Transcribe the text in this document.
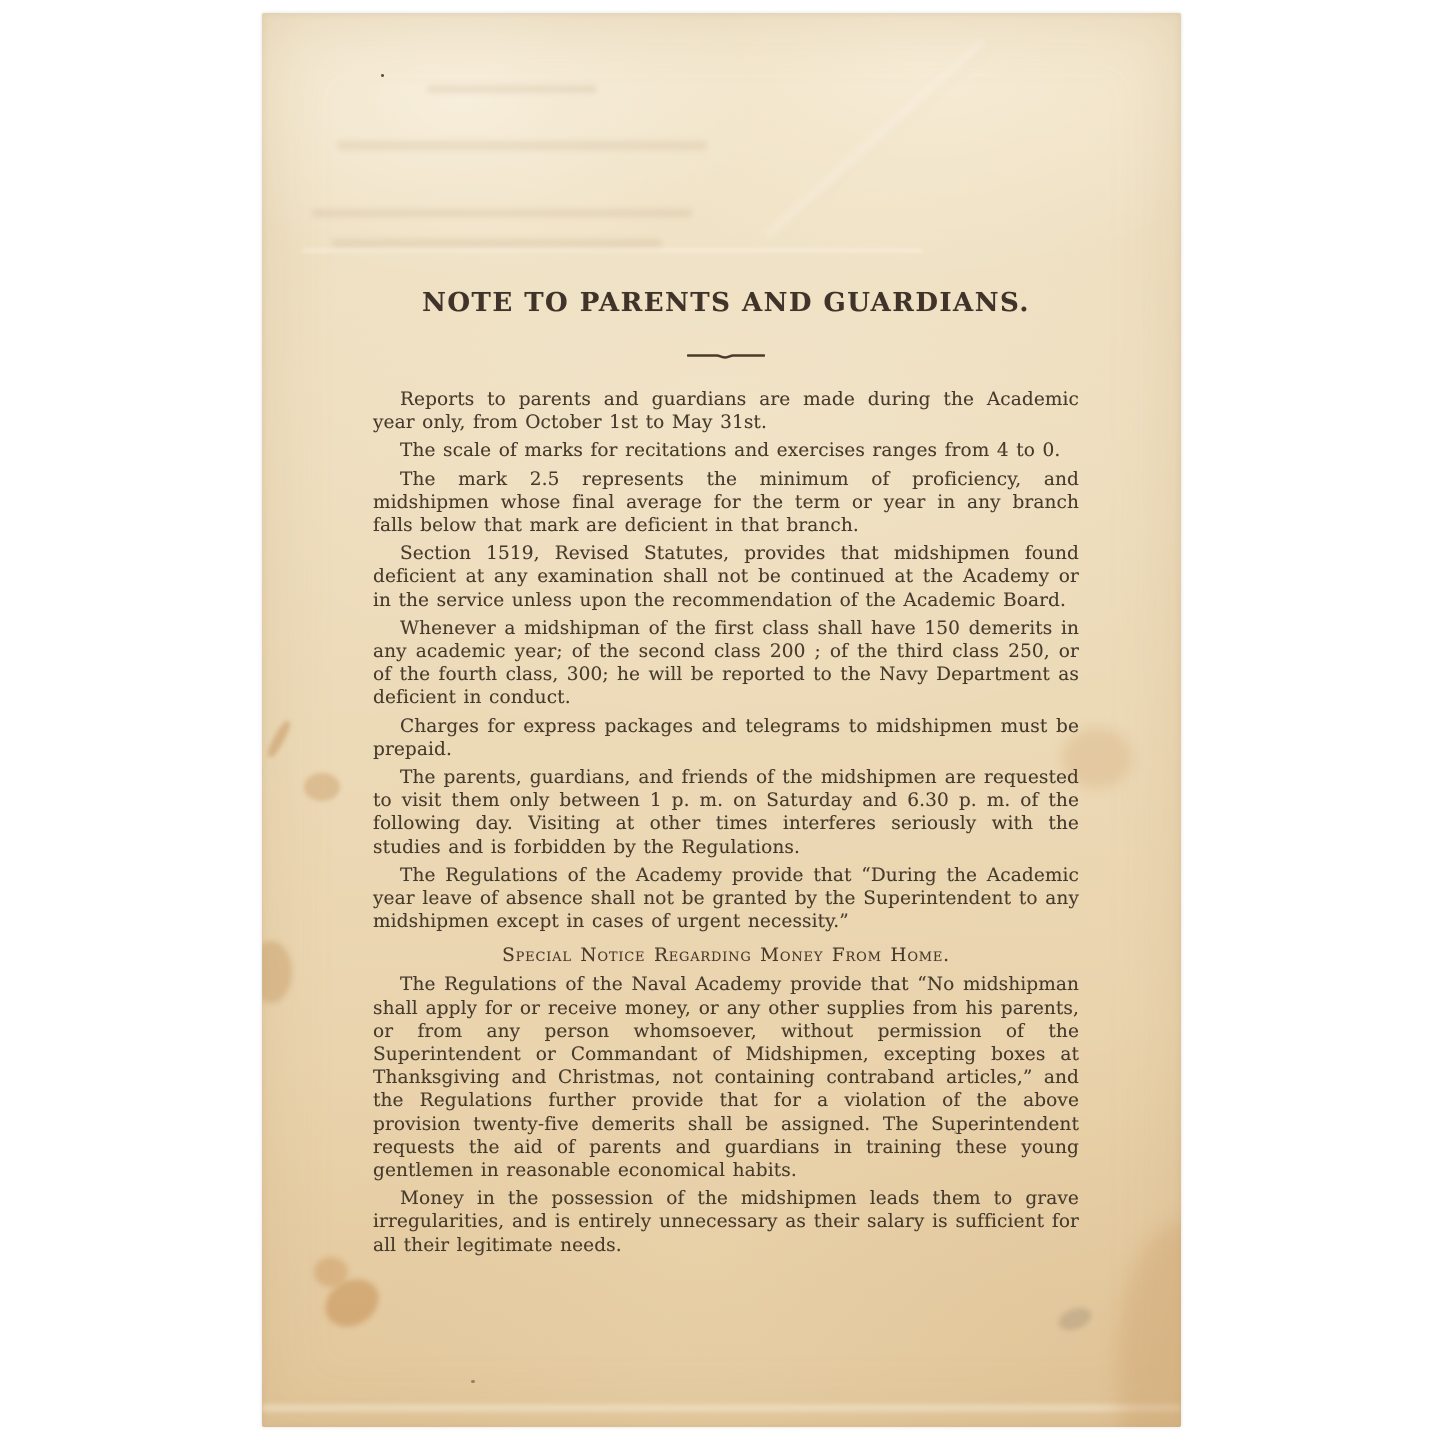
NOTE TO PARENTS AND GUARDIANS.

Reports to parents and guardians are made during the Academic year only, from October 1st to May 31st.

The scale of marks for recitations and exercises ranges from 4 to 0.

The mark 2.5 represents the minimum of proficiency, and midshipmen whose final average for the term or year in any branch falls below that mark are deficient in that branch.

Section 1519, Revised Statutes, provides that midshipmen found deficient at any examination shall not be continued at the Academy or in the service unless upon the recommendation of the Academic Board.

Whenever a midshipman of the first class shall have 150 demerits in any academic year; of the second class 200 ; of the third class 250, or of the fourth class, 300; he will be reported to the Navy Department as deficient in conduct.

Charges for express packages and telegrams to midshipmen must be prepaid.

The parents, guardians, and friends of the midshipmen are requested to visit them only between 1 p. m. on Saturday and 6.30 p. m. of the following day. Visiting at other times interferes seriously with the studies and is forbidden by the Regulations.

The Regulations of the Academy provide that “During the Academic year leave of absence shall not be granted by the Superintendent to any midshipmen except in cases of urgent necessity.”

Special Notice Regarding Money From Home.

The Regulations of the Naval Academy provide that “No midshipman shall apply for or receive money, or any other supplies from his parents, or from any person whomsoever, without permission of the Superintendent or Commandant of Midshipmen, excepting boxes at Thanksgiving and Christmas, not containing contraband articles,” and the Regulations further provide that for a violation of the above provision twenty-five demerits shall be assigned. The Superintendent requests the aid of parents and guardians in training these young gentlemen in reasonable economical habits.

Money in the possession of the midshipmen leads them to grave irregularities, and is entirely unnecessary as their salary is sufficient for all their legitimate needs.
